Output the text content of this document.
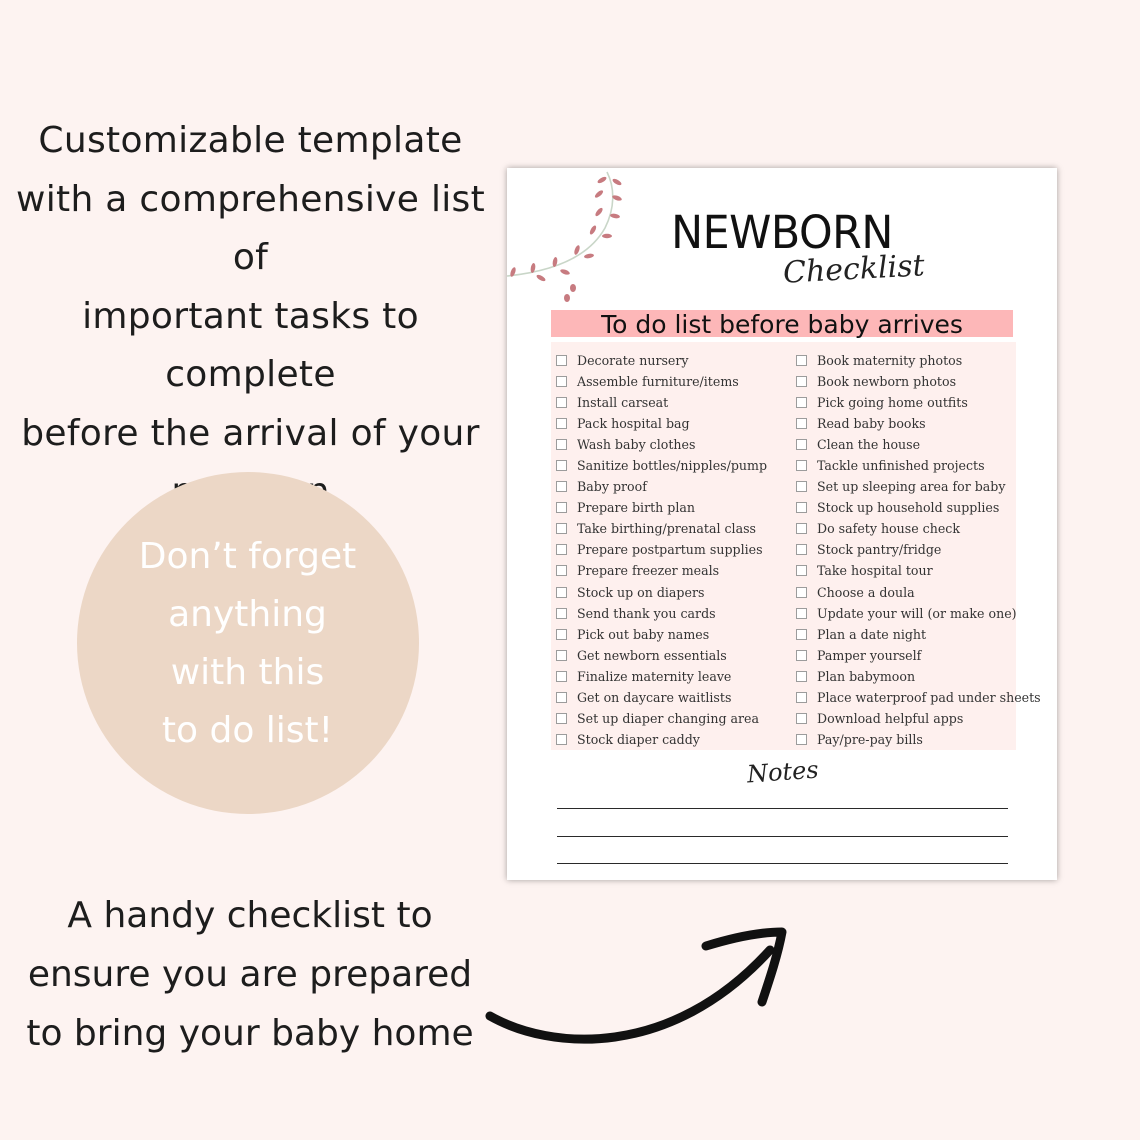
Customizable template
with a comprehensive list of
important tasks to complete
before the arrival of your
Don’t forget
anything
with this
to do list!
A handy checklist to
ensure you are prepared
to bring your baby home
NEWBORN
Checklist
To do list before baby arrives
Decorate nursery
Assemble furniture/items
Install carseat
Pack hospital bag
Wash baby clothes
Sanitize bottles/nipples/pump
Baby proof
Prepare birth plan
Take birthing/prenatal class
Prepare postpartum supplies
Prepare freezer meals
Stock up on diapers
Send thank you cards
Pick out baby names
Get newborn essentials
Finalize maternity leave
Get on daycare waitlists
Set up diaper changing area
Stock diaper caddy
Book maternity photos
Book newborn photos
Pick going home outfits
Read baby books
Clean the house
Tackle unfinished projects
Set up sleeping area for baby
Stock up household supplies
Do safety house check
Stock pantry/fridge
Take hospital tour
Choose a doula
Update your will (or make one)
Plan a date night
Pamper yourself
Plan babymoon
Place waterproof pad under sheets
Download helpful apps
Pay/pre-pay bills
Notes
